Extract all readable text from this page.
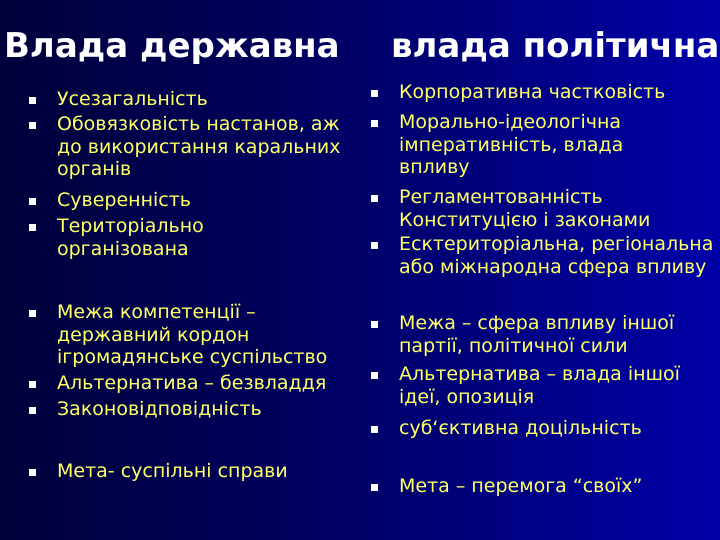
Влада державна влада політична
Усезагальність
Обовязковість настанов, аж до використання каральних органів
Суверенність
Територіально організована
Межа компетенції – державний кордон ігромадянське суспільство
Альтернатива – безвладдя
Законовідповідність
Мета- суспільні справи
Корпоративна частковість
Морально-ідеологічна імперативність, влада впливу
Регламентованність Конституцією і законами
Есктериторіальна, регіональна або міжнародна сфера впливу
Межа – сфера впливу іншої партії, політичної сили
Альтернатива – влада іншої ідеї, опозиція
суб‘єктивна доцільність
Мета – перемога “своїх”
